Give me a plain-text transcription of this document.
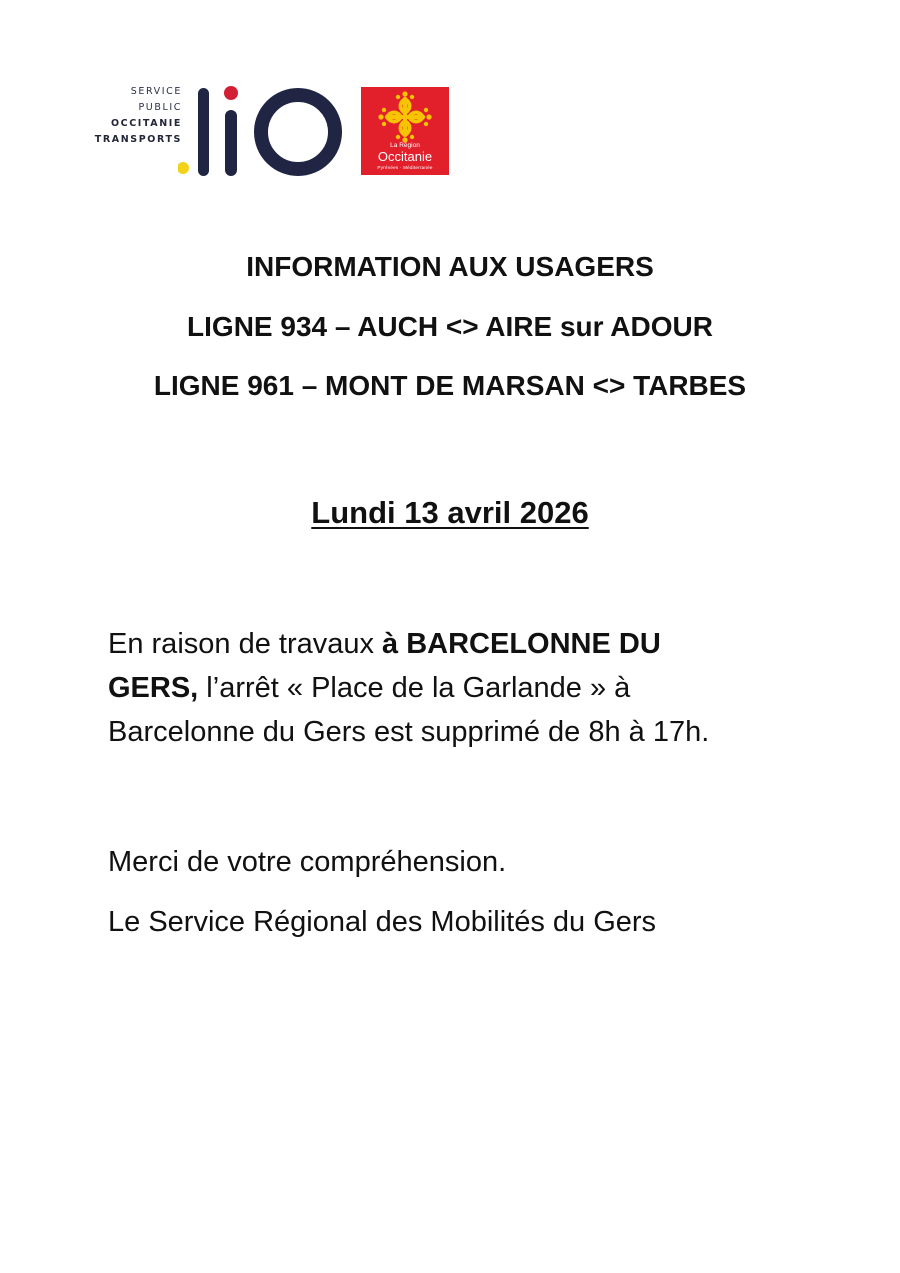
SERVICE
PUBLIC
OCCITANIE
TRANSPORTS
La Région
Occitanie
Pyrénées · Méditerranée
INFORMATION AUX USAGERS
LIGNE 934 – AUCH <> AIRE sur ADOUR
LIGNE 961 – MONT DE MARSAN <> TARBES
Lundi 13 avril 2026
En raison de travaux à BARCELONNE DU
GERS, l’arrêt « Place de la Garlande » à
Barcelonne du Gers est supprimé de 8h à 17h.
Merci de votre compréhension.
Le Service Régional des Mobilités du Gers
